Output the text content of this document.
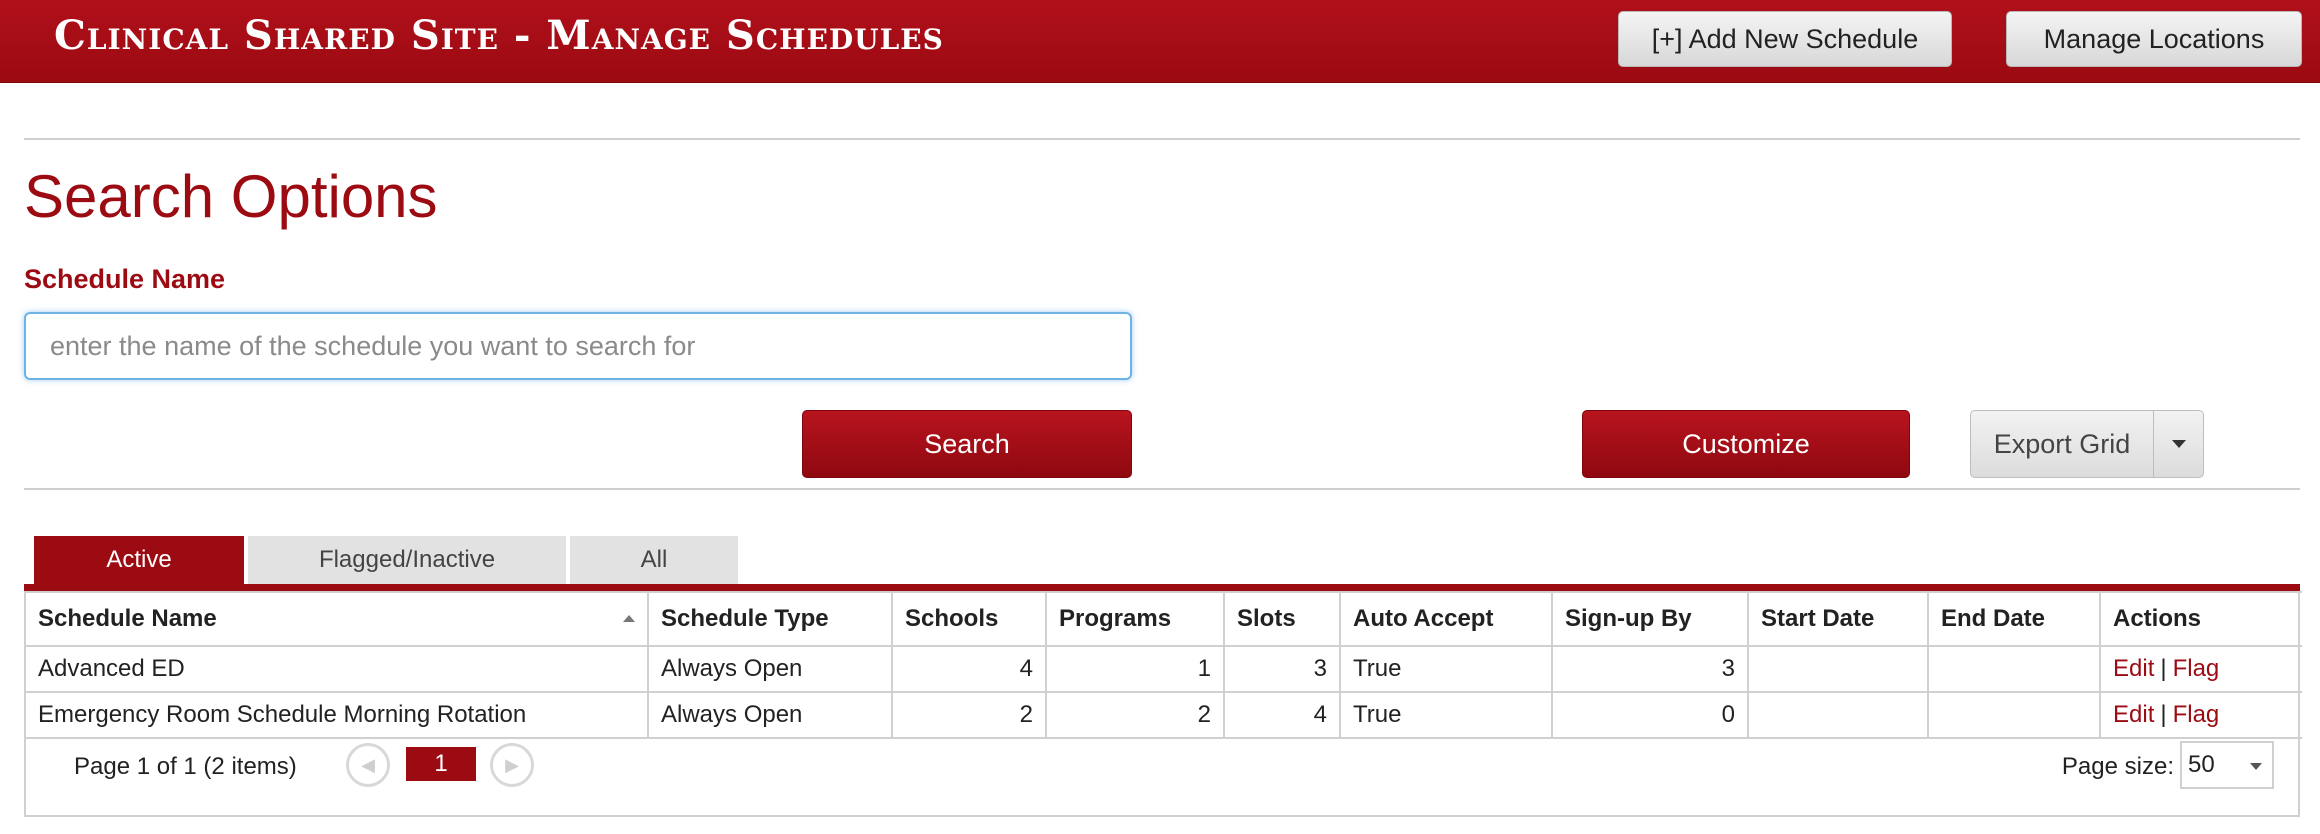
Clinical Shared Site - Manage Schedules	[+] Add New Schedule	Manage Locations
Search Options
Schedule Name
enter the name of the schedule you want to search for
Search	Customize	Export Grid
Active	Flagged/Inactive	All
Schedule Name	Schedule Type	Schools	Programs	Slots	Auto Accept	Sign-up By	Start Date	End Date	Actions
Advanced ED	Always Open	4	1	3	True	3			Edit | Flag
Emergency Room Schedule Morning Rotation	Always Open	2	2	4	True	0			Edit | Flag
Page 1 of 1 (2 items)	◀	1	▶	Page size: 50
